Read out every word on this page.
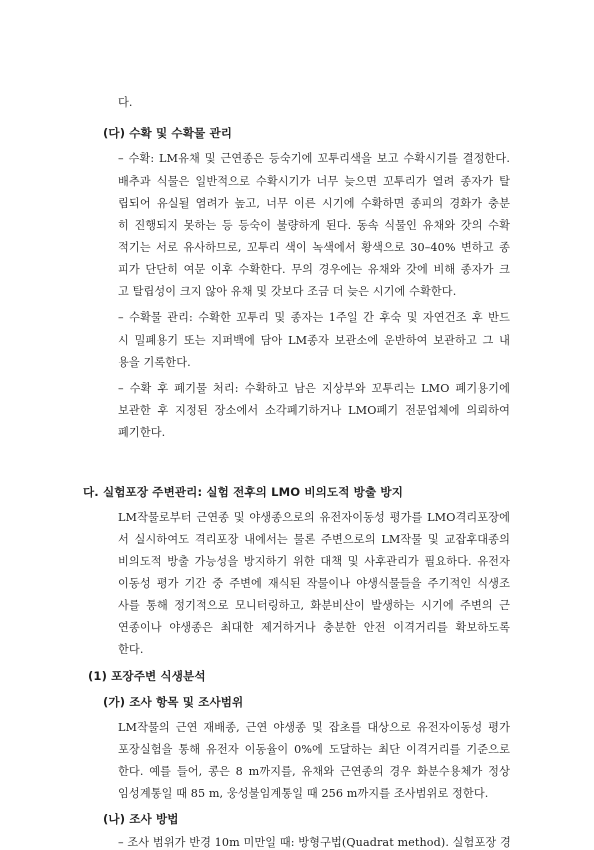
다.

(다) 수확 및 수확물 관리

– 수확: LM유채 및 근연종은 등숙기에 꼬투리색을 보고 수확시기를 결정한다.

배추과 식물은 일반적으로 수확시기가 너무 늦으면 꼬투리가 열려 종자가 탈

립되어 유실될 염려가 높고, 너무 이른 시기에 수확하면 종피의 경화가 충분

히 진행되지 못하는 등 등숙이 불량하게 된다. 동속 식물인 유채와 갓의 수확

적기는 서로 유사하므로, 꼬투리 색이 녹색에서 황색으로 30–40% 변하고 종

피가 단단히 여문 이후 수확한다. 무의 경우에는 유채와 갓에 비해 종자가 크

고 탈립성이 크지 않아 유채 및 갓보다 조금 더 늦은 시기에 수확한다.

– 수확물 관리: 수확한 꼬투리 및 종자는 1주일 간 후숙 및 자연건조 후 반드

시 밀폐용기 또는 지퍼백에 담아 LM종자 보관소에 운반하여 보관하고 그 내

용을 기록한다.

– 수확 후 폐기물 처리: 수확하고 남은 지상부와 꼬투리는 LMO 폐기용기에

보관한 후 지정된 장소에서 소각폐기하거나 LMO폐기 전문업체에 의뢰하여

폐기한다.

다. 실험포장 주변관리: 실험 전후의 LMO 비의도적 방출 방지

LM작물로부터 근연종 및 야생종으로의 유전자이동성 평가를 LMO격리포장에

서 실시하여도 격리포장 내에서는 물론 주변으로의 LM작물 및 교잡후대종의

비의도적 방출 가능성을 방지하기 위한 대책 및 사후관리가 필요하다. 유전자

이동성 평가 기간 중 주변에 재식된 작물이나 야생식물들을 주기적인 식생조

사를 통해 정기적으로 모니터링하고, 화분비산이 발생하는 시기에 주변의 근

연종이나 야생종은 최대한 제거하거나 충분한 안전 이격거리를 확보하도록

한다.

(1) 포장주변 식생분석

(가) 조사 항목 및 조사범위

LM작물의 근연 재배종, 근연 야생종 및 잡초를 대상으로 유전자이동성 평가

포장실험을 통해 유전자 이동율이 0%에 도달하는 최단 이격거리를 기준으로

한다. 예를 들어, 콩은 8 m까지를, 유채와 근연종의 경우 화분수용체가 정상

임성계통일 때 85 m, 웅성불임계통일 때 256 m까지를 조사범위로 정한다.

(나) 조사 방법

– 조사 범위가 반경 10m 미만일 때: 방형구법(Quadrat method). 실험포장 경
